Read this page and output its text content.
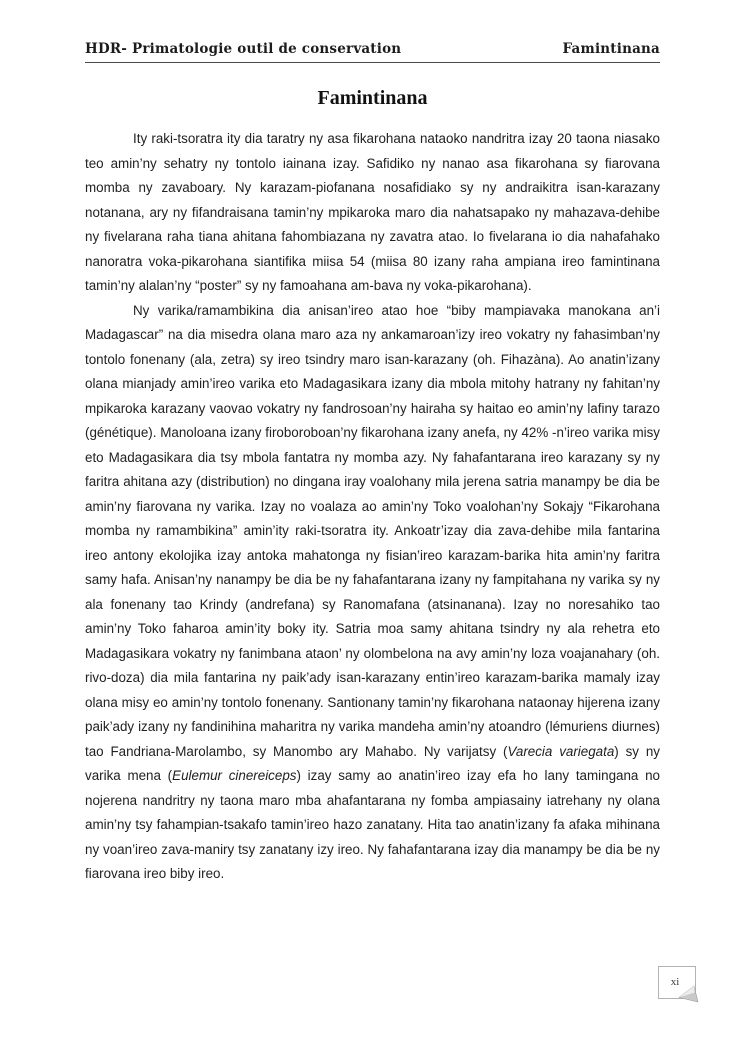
HDR- Primatologie outil de conservation	Famintinana
Famintinana

Ity raki-tsoratra ity dia taratry ny asa fikarohana nataoko nandritra izay 20 taona niasako teo amin’ny sehatry ny tontolo iainana izay. Safidiko ny nanao asa fikarohana sy fiarovana momba ny zavaboary. Ny karazam-piofanana nosafidiako sy ny andraikitra isan-karazany notanana, ary ny fifandraisana tamin’ny mpikaroka maro dia nahatsapako ny mahazava-dehibe ny fivelarana raha tiana ahitana fahombiazana ny zavatra atao. Io fivelarana io dia nahafahako nanoratra voka-pikarohana siantifika miisa 54 (miisa 80 izany raha ampiana ireo famintinana tamin’ny alalan’ny “poster” sy ny famoahana am-bava ny voka-pikarohana).

Ny varika/ramambikina dia anisan’ireo atao hoe “biby mampiavaka manokana an’i Madagascar” na dia misedra olana maro aza ny ankamaroan’izy ireo vokatry ny fahasimban’ny tontolo fonenany (ala, zetra) sy ireo tsindry maro isan-karazany (oh. Fihazàna). Ao anatin’izany olana mianjady amin’ireo varika eto Madagasikara izany dia mbola mitohy hatrany ny fahitan’ny mpikaroka karazany vaovao vokatry ny fandrosoan’ny hairaha sy haitao eo amin’ny lafiny tarazo (génétique). Manoloana izany firoboroboan’ny fikarohana izany anefa, ny 42% -n’ireo varika misy eto Madagasikara dia tsy mbola fantatra ny momba azy. Ny fahafantarana ireo karazany sy ny faritra ahitana azy (distribution) no dingana iray voalohany mila jerena satria manampy be dia be amin’ny fiarovana ny varika. Izay no voalaza ao amin’ny Toko voalohan’ny Sokajy “Fikarohana momba ny ramambikina” amin’ity raki-tsoratra ity. Ankoatr’izay dia zava-dehibe mila fantarina ireo antony ekolojika izay antoka mahatonga ny fisian’ireo karazam-barika hita amin’ny faritra samy hafa. Anisan’ny nanampy be dia be ny fahafantarana izany ny fampitahana ny varika sy ny ala fonenany tao Krindy (andrefana) sy Ranomafana (atsinanana). Izay no noresahiko tao amin’ny Toko faharoa amin’ity boky ity. Satria moa samy ahitana tsindry ny ala rehetra eto Madagasikara vokatry ny fanimbana ataon’ ny olombelona na avy amin’ny loza voajanahary (oh. rivo-doza) dia mila fantarina ny paik’ady isan-karazany entin’ireo karazam-barika mamaly izay olana misy eo amin’ny tontolo fonenany. Santionany tamin’ny fikarohana nataonay hijerena izany paik’ady izany ny fandinihina maharitra ny varika mandeha amin’ny atoandro (lémuriens diurnes) tao Fandriana-Marolambo, sy Manombo ary Mahabo. Ny varijatsy (Varecia variegata) sy ny varika mena (Eulemur cinereiceps) izay samy ao anatin’ireo izay efa ho lany tamingana no nojerena nandritry ny taona maro mba ahafantarana ny fomba ampiasainy iatrehany ny olana amin’ny tsy fahampian-tsakafo tamin’ireo hazo zanatany. Hita tao anatin’izany fa afaka mihinana ny voan’ireo zava-maniry tsy zanatany izy ireo. Ny fahafantarana izay dia manampy be dia be ny fiarovana ireo biby ireo.

xi
